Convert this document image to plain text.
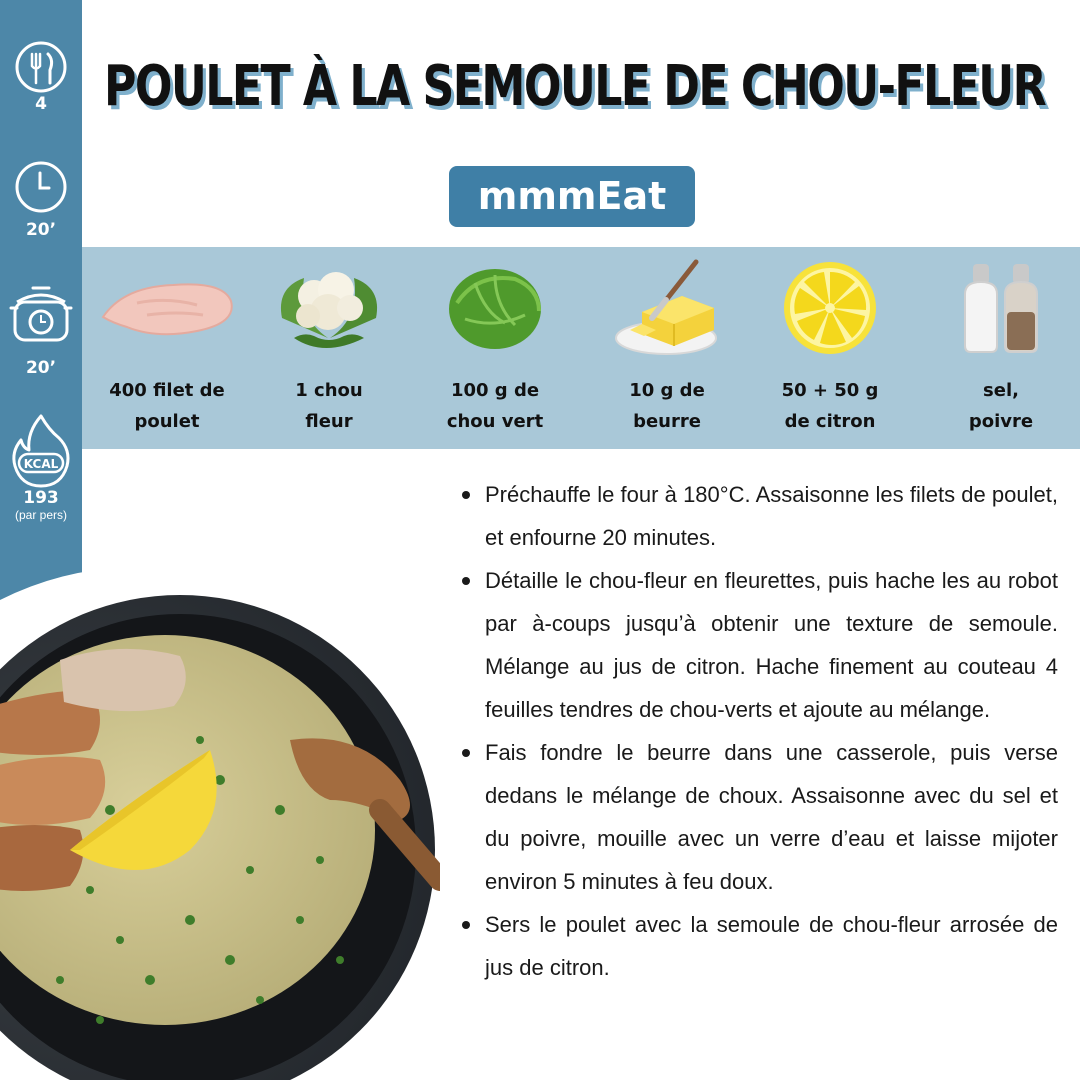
4
20’
20’
KCAL
193
(par pers)
POULET À LA SEMOULE DE CHOU-FLEUR
mmmEat
400 filet de
poulet
1 chou
fleur
100 g de
chou vert
10 g de
beurre
50 + 50 g
de citron
sel,
poivre
Préchauffe le four à 180°C. Assaisonne les filets de poulet, et enfourne 20 minutes.
Détaille le chou-fleur en fleurettes, puis hache les au robot par à-coups jusqu’à obtenir une texture de semoule. Mélange au jus de citron. Hache finement au couteau 4 feuilles tendres de chou-verts et ajoute au mélange.
Fais fondre le beurre dans une casserole, puis verse dedans le mélange de choux. Assaisonne avec du sel et du poivre, mouille avec un verre d’eau et laisse mijoter environ 5 minutes à feu doux.
Sers le poulet avec la semoule de chou-fleur arrosée de jus de citron.
